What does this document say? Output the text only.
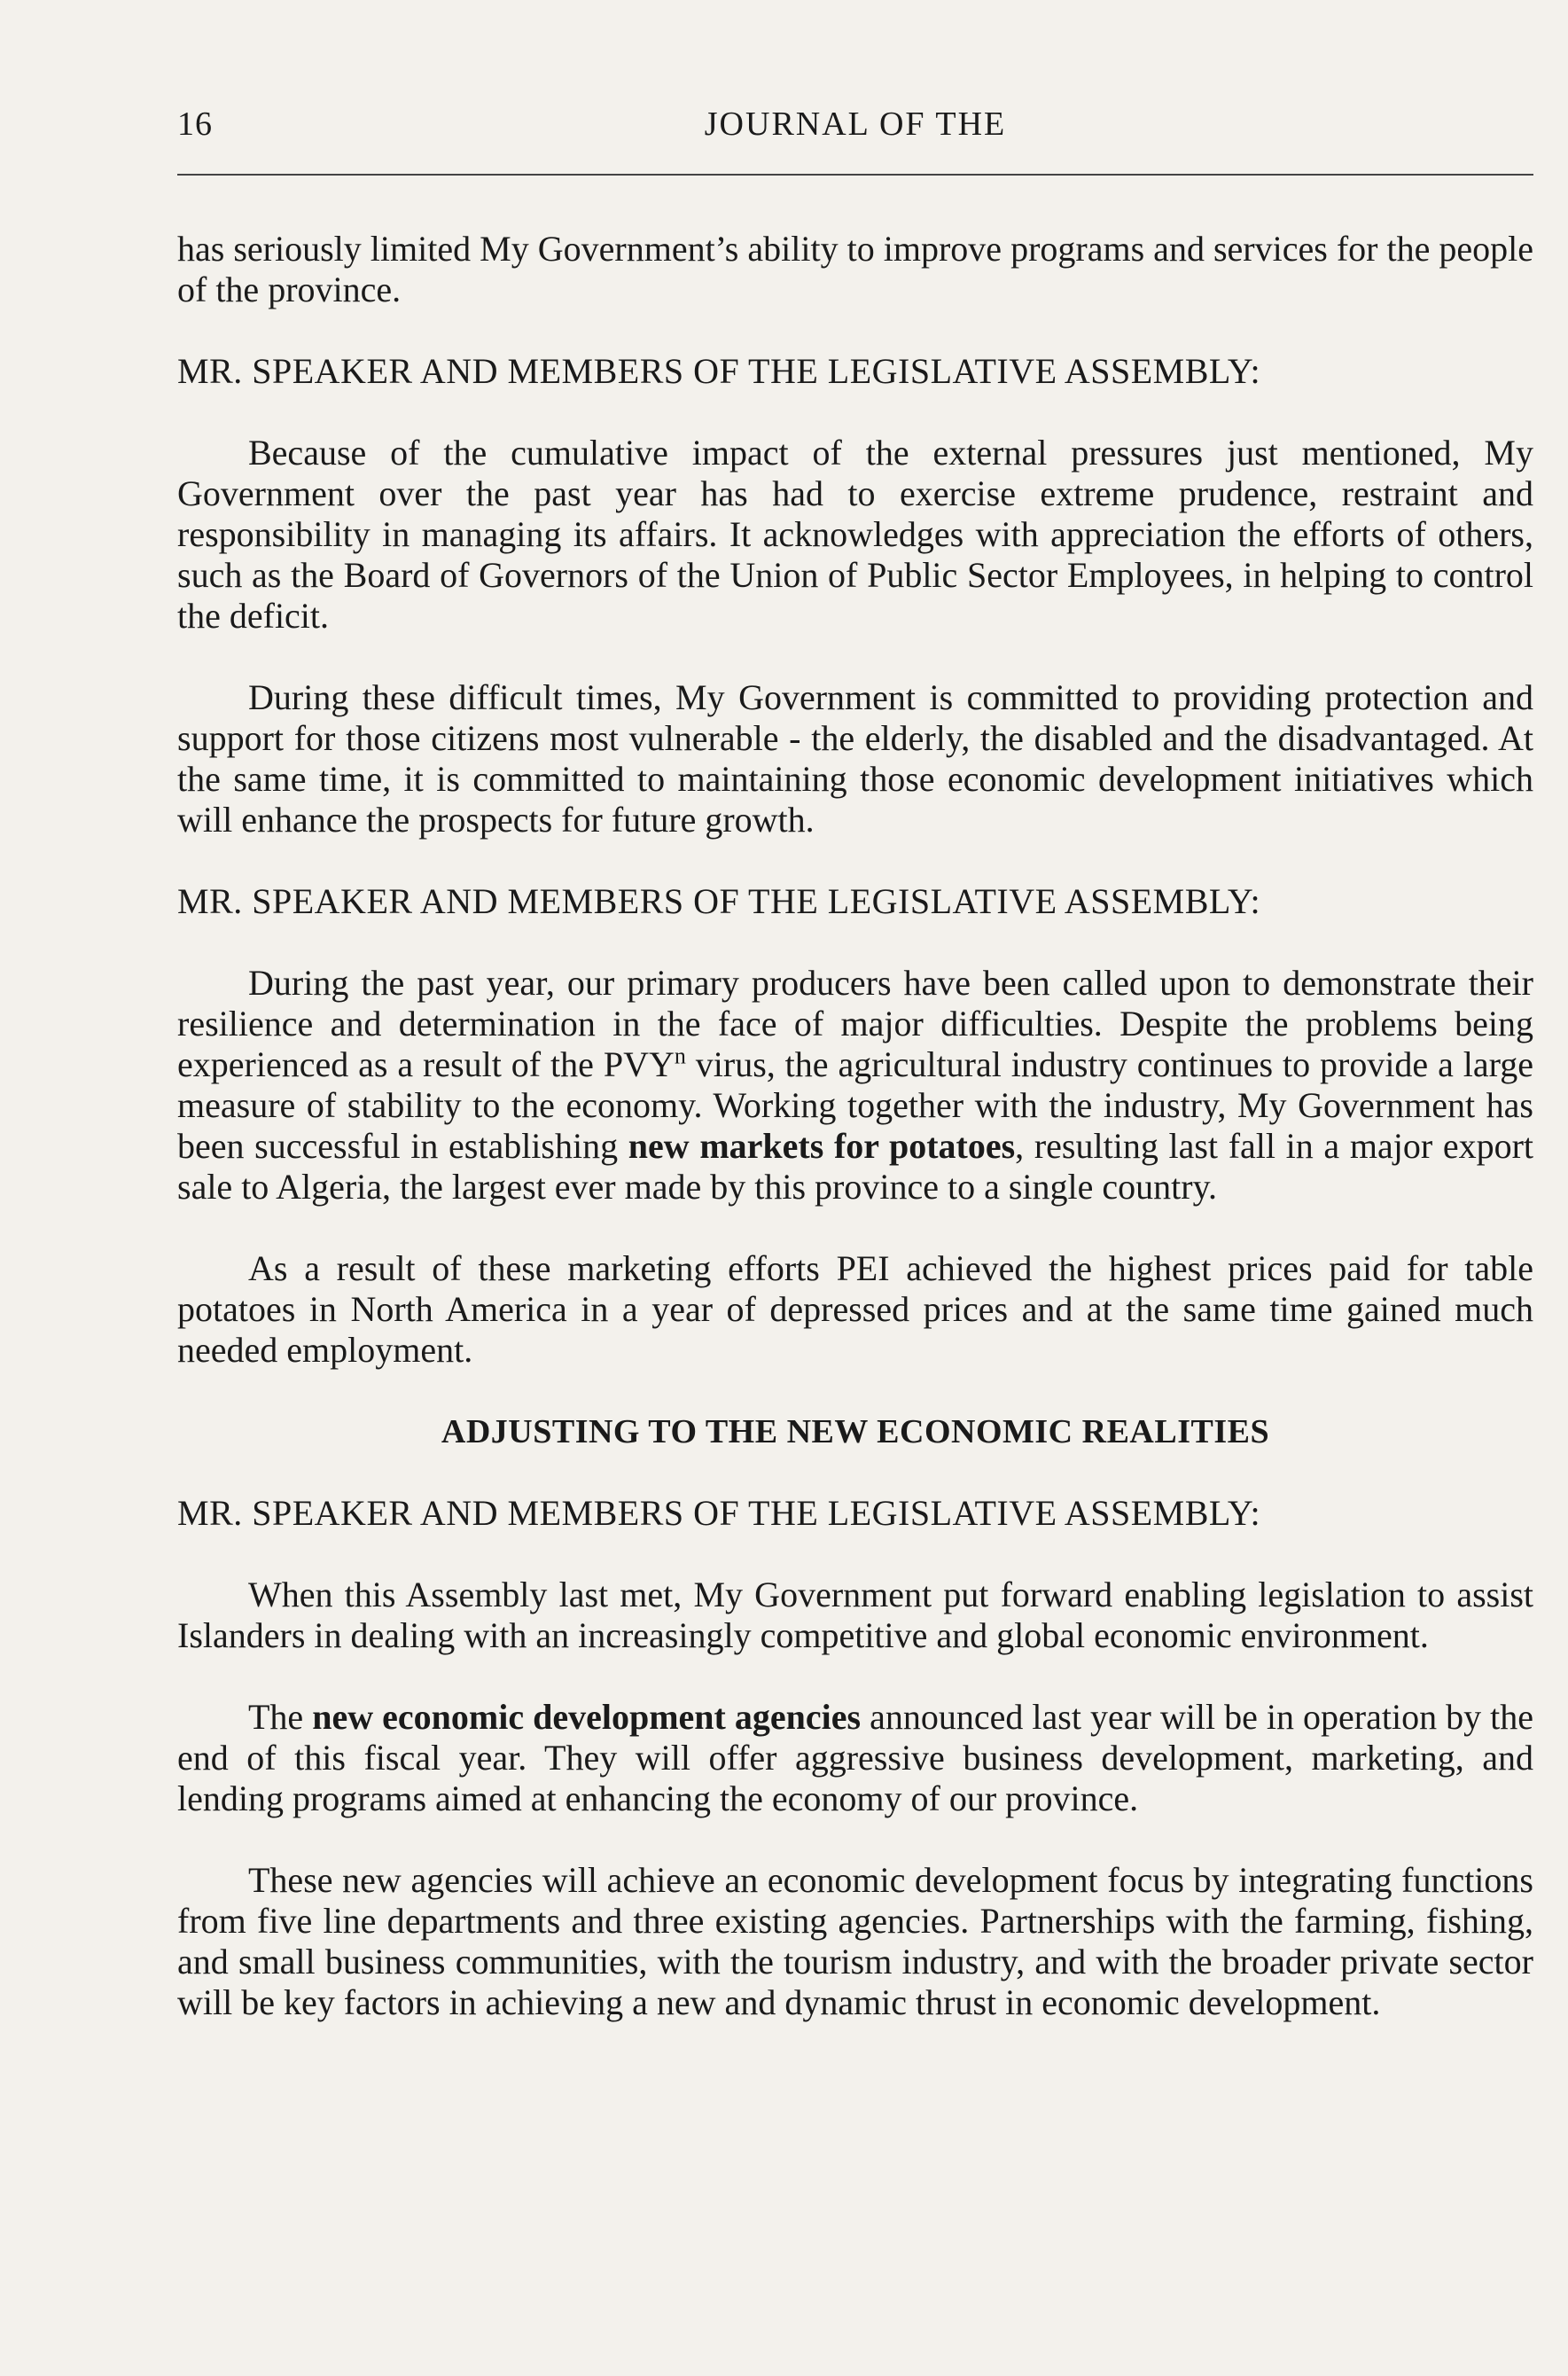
16	JOURNAL OF THE

has seriously limited My Government’s ability to improve programs and services for the people of the province.

MR. SPEAKER AND MEMBERS OF THE LEGISLATIVE ASSEMBLY:

Because of the cumulative impact of the external pressures just mentioned, My Government over the past year has had to exercise extreme prudence, restraint and responsibility in managing its affairs. It acknowledges with appreciation the efforts of others, such as the Board of Governors of the Union of Public Sector Employees, in helping to control the deficit.

During these difficult times, My Government is committed to providing protection and support for those citizens most vulnerable - the elderly, the disabled and the disadvantaged. At the same time, it is committed to maintaining those economic development initiatives which will enhance the prospects for future growth.

MR. SPEAKER AND MEMBERS OF THE LEGISLATIVE ASSEMBLY:

During the past year, our primary producers have been called upon to demonstrate their resilience and determination in the face of major difficulties. Despite the problems being experienced as a result of the PVY$^n$ virus, the agricultural industry continues to provide a large measure of stability to the economy. Working together with the industry, My Government has been successful in establishing new markets for potatoes, resulting last fall in a major export sale to Algeria, the largest ever made by this province to a single country.

As a result of these marketing efforts PEI achieved the highest prices paid for table potatoes in North America in a year of depressed prices and at the same time gained much needed employment.

ADJUSTING TO THE NEW ECONOMIC REALITIES

MR. SPEAKER AND MEMBERS OF THE LEGISLATIVE ASSEMBLY:

When this Assembly last met, My Government put forward enabling legislation to assist Islanders in dealing with an increasingly competitive and global economic environment.

The new economic development agencies announced last year will be in operation by the end of this fiscal year. They will offer aggressive business development, marketing, and lending programs aimed at enhancing the economy of our province.

These new agencies will achieve an economic development focus by integrating functions from five line departments and three existing agencies. Partnerships with the farming, fishing, and small business communities, with the tourism industry, and with the broader private sector will be key factors in achieving a new and dynamic thrust in economic development.
